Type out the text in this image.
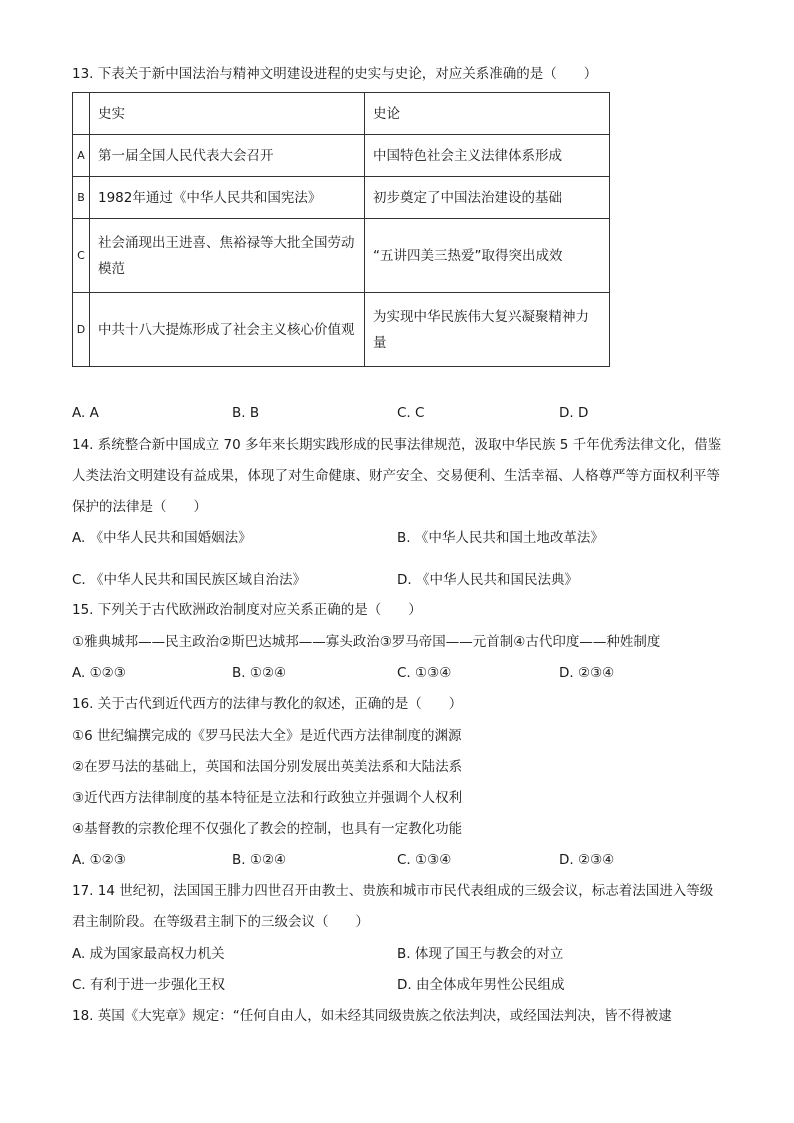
13. 下表关于新中国法治与精神文明建设进程的史实与史论，对应关系准确的是（　　）
	史实	史论
A	第一届全国人民代表大会召开	中国特色社会主义法律体系形成
B	1982年通过《中华人民共和国宪法》	初步奠定了中国法治建设的基础
C	社会涌现出王进喜、焦裕禄等大批全国劳动模范	“五讲四美三热爱”取得突出成效
D	中共十八大提炼形成了社会主义核心价值观	为实现中华民族伟大复兴凝聚精神力量
A. A	B. B	C. C	D. D
14. 系统整合新中国成立 70 多年来长期实践形成的民事法律规范，汲取中华民族 5 千年优秀法律文化，借鉴人类法治文明建设有益成果，体现了对生命健康、财产安全、交易便利、生活幸福、人格尊严等方面权利平等保护的法律是（　　）
A. 《中华人民共和国婚姻法》	B. 《中华人民共和国土地改革法》
C. 《中华人民共和国民族区域自治法》	D. 《中华人民共和国民法典》
15. 下列关于古代欧洲政治制度对应关系正确的是（　　）
①雅典城邦——民主政治②斯巴达城邦——寡头政治③罗马帝国——元首制④古代印度——种姓制度
A. ①②③	B. ①②④	C. ①③④	D. ②③④
16. 关于古代到近代西方的法律与教化的叙述，正确的是（　　）
①6 世纪编撰完成的《罗马民法大全》是近代西方法律制度的渊源
②在罗马法的基础上，英国和法国分别发展出英美法系和大陆法系
③近代西方法律制度的基本特征是立法和行政独立并强调个人权利
④基督教的宗教伦理不仅强化了教会的控制，也具有一定教化功能
A. ①②③	B. ①②④	C. ①③④	D. ②③④
17. 14 世纪初，法国国王腓力四世召开由教士、贵族和城市市民代表组成的三级会议，标志着法国进入等级君主制阶段。在等级君主制下的三级会议（　　）
A. 成为国家最高权力机关	B. 体现了国王与教会的对立
C. 有利于进一步强化王权	D. 由全体成年男性公民组成
18. 英国《大宪章》规定：“任何自由人，如未经其同级贵族之依法判决，或经国法判决，皆不得被逮
